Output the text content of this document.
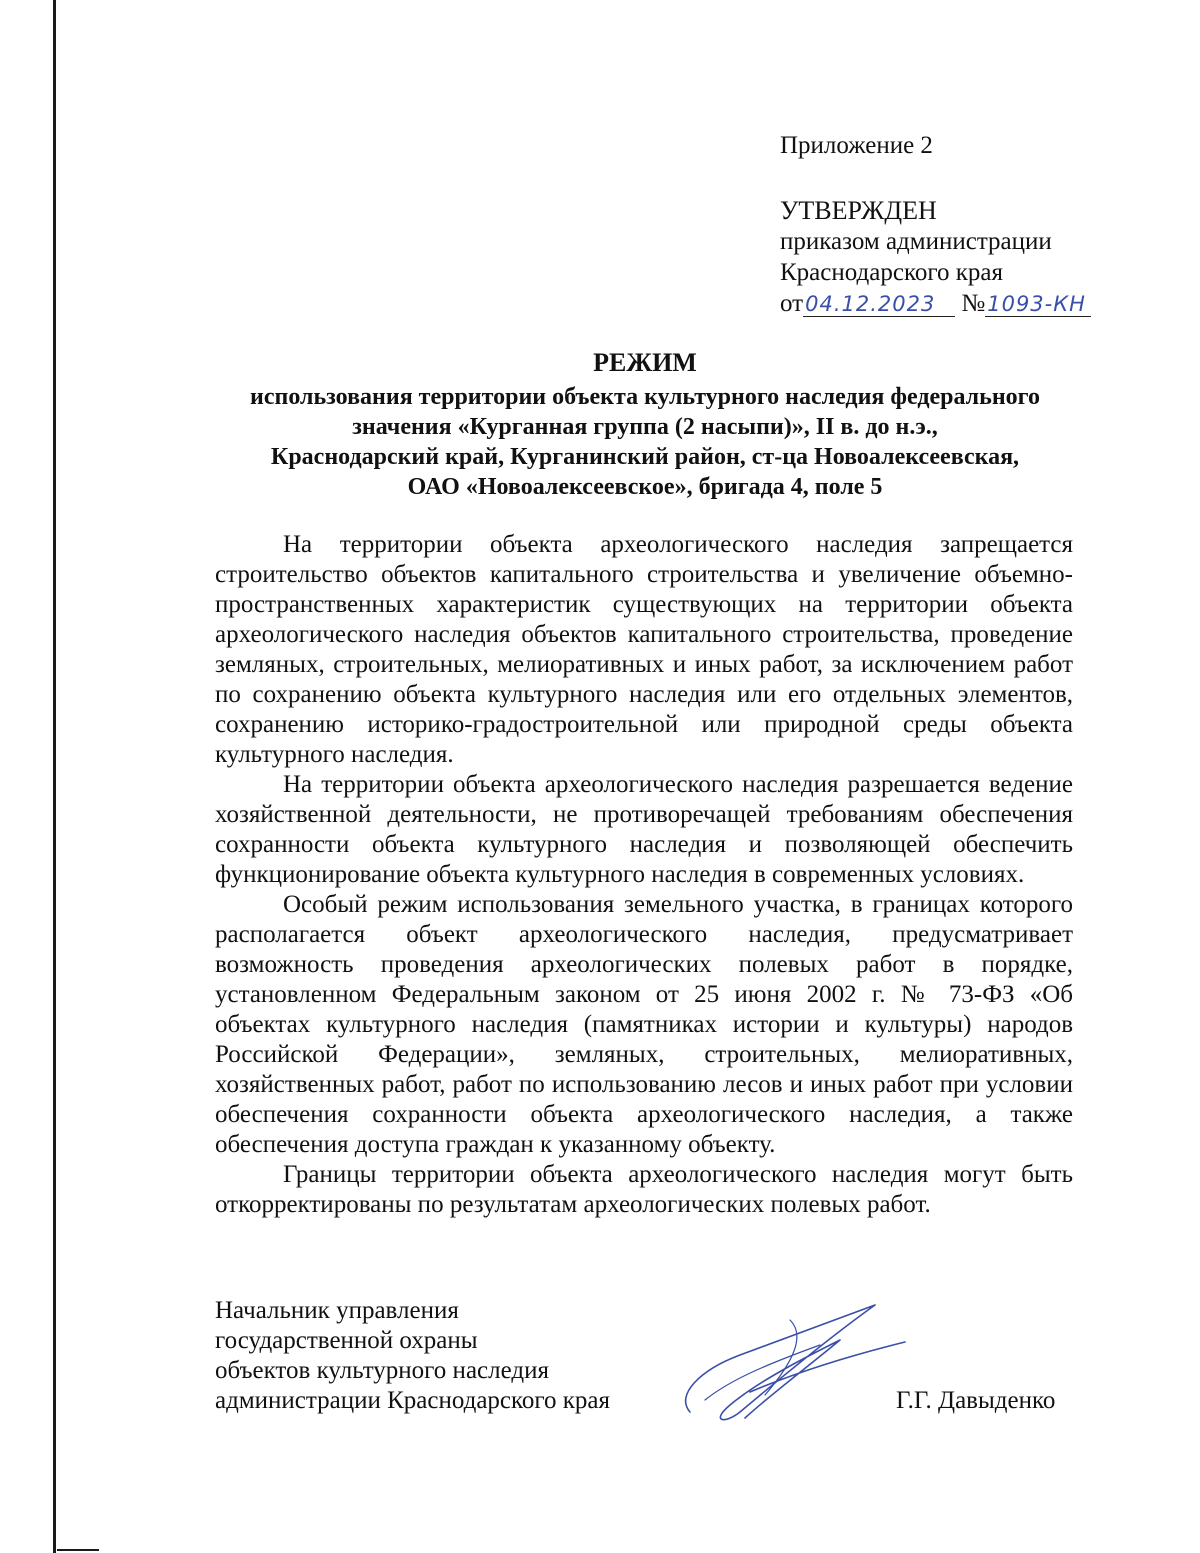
Приложение 2
УТВЕРЖДЕН
приказом администрации
Краснодарского края
от04.12.2023 №1093-КН
РЕЖИМ
использования территории объекта культурного наследия федерального
значения «Курганная группа (2 насыпи)», II в. до н.э.,
Краснодарский край, Курганинский район, ст-ца Новоалексеевская,
ОАО «Новоалексеевское», бригада 4, поле 5

На территории объекта археологического наследия запрещается строительство объектов капитального строительства и увеличение объемно-пространственных характеристик существующих на территории объекта археологического наследия объектов капитального строительства, проведение земляных, строительных, мелиоративных и иных работ, за исключением работ по сохранению объекта культурного наследия или его отдельных элементов, сохранению историко-градостроительной или природной среды объекта культурного наследия.

На территории объекта археологического наследия разрешается ведение хозяйственной деятельности, не противоречащей требованиям обеспечения сохранности объекта культурного наследия и позволяющей обеспечить функционирование объекта культурного наследия в современных условиях.

Особый режим использования земельного участка, в границах которого располагается объект археологического наследия, предусматривает возможность проведения археологических полевых работ в порядке, установленном Федеральным законом от 25 июня 2002 г. № 73-ФЗ «Об объектах культурного наследия (памятниках истории и культуры) народов Российской Федерации», земляных, строительных, мелиоративных, хозяйственных работ, работ по использованию лесов и иных работ при условии обеспечения сохранности объекта археологического наследия, а также обеспечения доступа граждан к указанному объекту.

Границы территории объекта археологического наследия могут быть откорректированы по результатам археологических полевых работ.

Начальник управления
государственной охраны
объектов культурного наследия
администрации Краснодарского края	Г.Г. Давыденко
